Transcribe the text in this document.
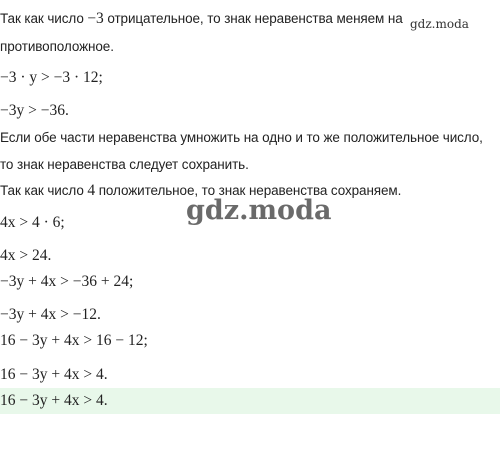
Так как число −3 отрицательное, то знак неравенства меняем на gdz.moda
противоположное.
−3 · y > −3 · 12;
−3y > −36.
Если обе части неравенства умножить на одно и то же положительное число,
то знак неравенства следует сохранить.
Так как число 4 положительное, то знак неравенства сохраняем.
gdz.moda
4x > 4 · 6;
4x > 24.
−3y + 4x > −36 + 24;
−3y + 4x > −12.
16 − 3y + 4x > 16 − 12;
16 − 3y + 4x > 4.
16 − 3y + 4x > 4.
